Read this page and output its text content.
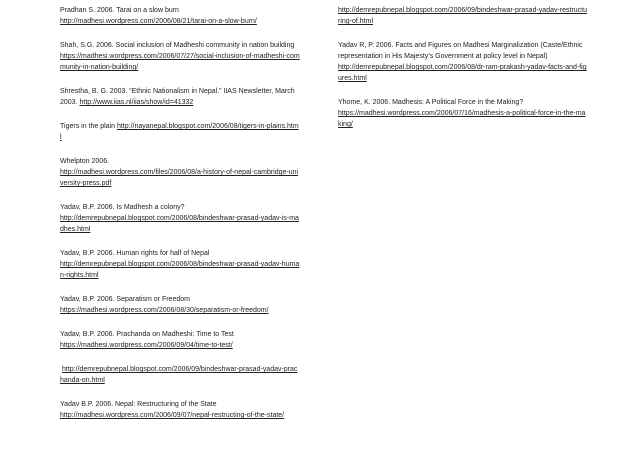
Pradhan S. 2006. Tarai on a slow burn
http://madhesi.wordpress.com/2006/08/21/tarai-on-a-slow-burn/
Shah, S.G. 2006. Social inclusion of Madheshi community in nation building
https://madhesi.wordpress.com/2006/07/27/social-inclusion-of-madheshi-community-in-nation-building/
Shrestha, B. G. 2003. “Ethnic Nationalism in Nepal.” IIAS Newsletter, March 2003. http://www.iias.nl/iias/show/id=41332
Tigers in the plain http://nayanepal.blogspot.com/2006/08/tigers-in-plains.html
Whelpton 2006.
http://madhesi.wordpress.com/files/2006/08/a-history-of-nepal-cambridge-university-press.pdf
Yadav, B.P. 2006. Is Madhesh a colony?
http://demrepubnepal.blogspot.com/2006/08/bindeshwar-prasad-yadav-is-madhes.html
Yadav, B.P. 2006. Human rights for half of Nepal
http://demrepubnepal.blogspot.com/2006/08/bindeshwar-prasad-yadav-human-rights.html
Yadav, B.P. 2006. Separatism or Freedom
https://madhesi.wordpress.com/2006/08/30/separatism-or-freedom/
Yadav, B.P. 2006. Prachanda on Madheshi: Time to Test
https://madhesi.wordpress.com/2006/09/04/time-to-test/
http://demrepubnepal.blogspot.com/2006/09/bindeshwar-prasad-yadav-prachanda-on.html
Yadav B.P. 2006. Nepal: Restructuring of the State
http://madhesi.wordpress.com/2006/09/07/nepal-restructing-of-the-state/
http://demrepubnepal.blogspot.com/2006/09/bindeshwar-prasad-yadav-restructuring-of.html
Yadav R, P. 2006. Facts and Figures on Madhesi Marginalization (Caste/Ethnic representation in His Majesty’s Government at policy level in Nepal)
http://demrepubnepal.blogspot.com/2006/08/dr-ram-prakash-yadav-facts-and-figures.html
Yhome, K. 2006. Madhesis: A Political Force in the Making?
https://madhesi.wordpress.com/2006/07/16/madhesis-a-political-force-in-the-making/
